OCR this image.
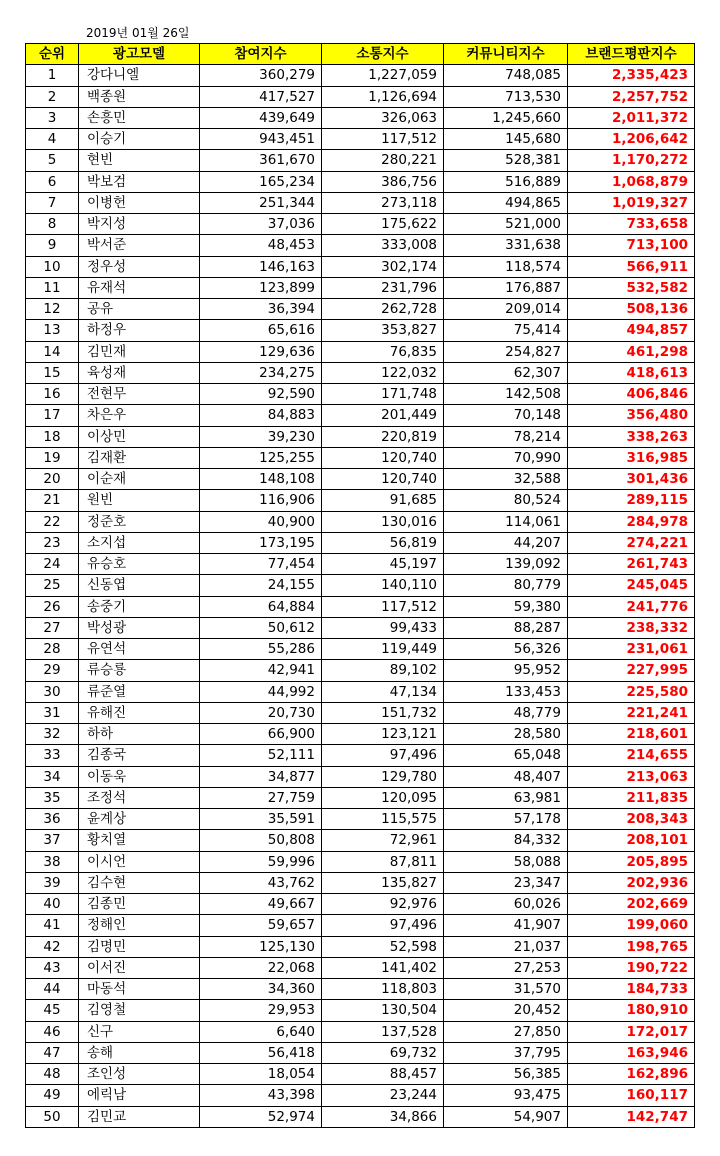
2019년 01월 26일
순위	광고모델	참여지수	소통지수	커뮤니티지수	브랜드평판지수
1	강다니엘	360,279	1,227,059	748,085	2,335,423
2	백종원	417,527	1,126,694	713,530	2,257,752
3	손흥민	439,649	326,063	1,245,660	2,011,372
4	이승기	943,451	117,512	145,680	1,206,642
5	현빈	361,670	280,221	528,381	1,170,272
6	박보검	165,234	386,756	516,889	1,068,879
7	이병헌	251,344	273,118	494,865	1,019,327
8	박지성	37,036	175,622	521,000	733,658
9	박서준	48,453	333,008	331,638	713,100
10	정우성	146,163	302,174	118,574	566,911
11	유재석	123,899	231,796	176,887	532,582
12	공유	36,394	262,728	209,014	508,136
13	하정우	65,616	353,827	75,414	494,857
14	김민재	129,636	76,835	254,827	461,298
15	육성재	234,275	122,032	62,307	418,613
16	전현무	92,590	171,748	142,508	406,846
17	차은우	84,883	201,449	70,148	356,480
18	이상민	39,230	220,819	78,214	338,263
19	김재환	125,255	120,740	70,990	316,985
20	이순재	148,108	120,740	32,588	301,436
21	원빈	116,906	91,685	80,524	289,115
22	정준호	40,900	130,016	114,061	284,978
23	소지섭	173,195	56,819	44,207	274,221
24	유승호	77,454	45,197	139,092	261,743
25	신동엽	24,155	140,110	80,779	245,045
26	송중기	64,884	117,512	59,380	241,776
27	박성광	50,612	99,433	88,287	238,332
28	유연석	55,286	119,449	56,326	231,061
29	류승룡	42,941	89,102	95,952	227,995
30	류준열	44,992	47,134	133,453	225,580
31	유해진	20,730	151,732	48,779	221,241
32	하하	66,900	123,121	28,580	218,601
33	김종국	52,111	97,496	65,048	214,655
34	이동욱	34,877	129,780	48,407	213,063
35	조정석	27,759	120,095	63,981	211,835
36	윤계상	35,591	115,575	57,178	208,343
37	황치열	50,808	72,961	84,332	208,101
38	이시언	59,996	87,811	58,088	205,895
39	김수현	43,762	135,827	23,347	202,936
40	김종민	49,667	92,976	60,026	202,669
41	정해인	59,657	97,496	41,907	199,060
42	김명민	125,130	52,598	21,037	198,765
43	이서진	22,068	141,402	27,253	190,722
44	마동석	34,360	118,803	31,570	184,733
45	김영철	29,953	130,504	20,452	180,910
46	신구	6,640	137,528	27,850	172,017
47	송해	56,418	69,732	37,795	163,946
48	조인성	18,054	88,457	56,385	162,896
49	에릭남	43,398	23,244	93,475	160,117
50	김민교	52,974	34,866	54,907	142,747
